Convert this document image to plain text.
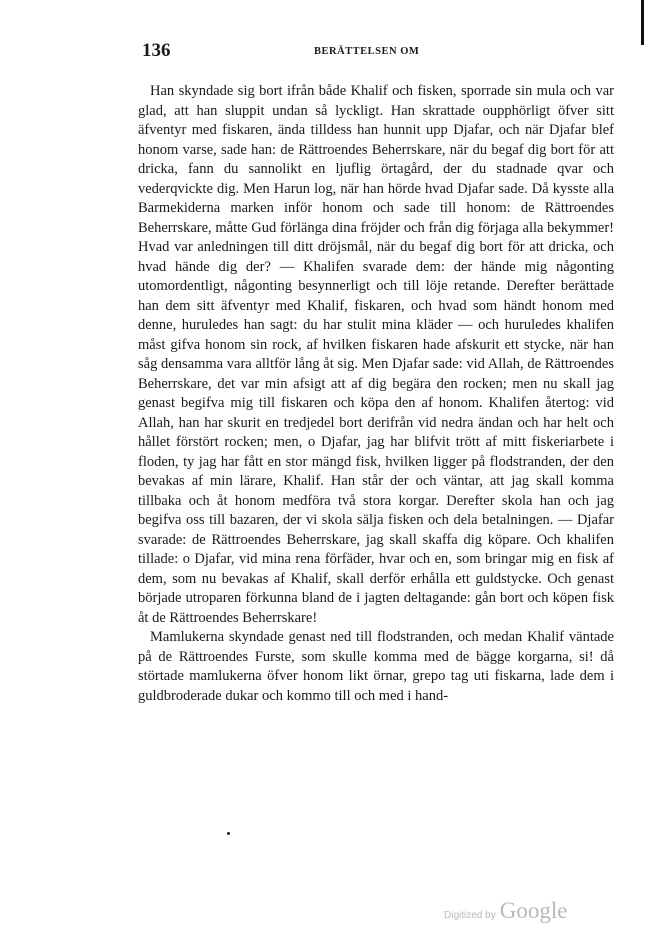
136	BERÄTTELSEN OM

Han skyndade sig bort ifrån både Khalif och fisken, sporrade sin mula och var glad, att han sluppit undan så lyckligt. Han skrattade oupphörligt öfver sitt äfventyr med fiskaren, ända tilldess han hunnit upp Djafar, och när Djafar blef honom varse, sade han: de Rättroendes Beherrskare, när du begaf dig bort för att dricka, fann du sannolikt en ljuflig örtagård, der du stadnade qvar och vederqvickte dig. Men Harun log, när han hörde hvad Djafar sade. Då kysste alla Barmekiderna marken inför honom och sade till honom: de Rättroendes Beherrskare, måtte Gud förlänga dina fröjder och från dig förjaga alla bekymmer! Hvad var anledningen till ditt dröjsmål, när du begaf dig bort för att dricka, och hvad hände dig der? — Khalifen svarade dem: der hände mig någonting utomordentligt, någonting besynnerligt och till löje retande. Derefter berättade han dem sitt äfventyr med Khalif, fiskaren, och hvad som händt honom med denne, huruledes han sagt: du har stulit mina kläder — och huruledes khalifen måst gifva honom sin rock, af hvilken fiskaren hade afskurit ett stycke, när han såg densamma vara alltför lång åt sig. Men Djafar sade: vid Allah, de Rättroendes Beherrskare, det var min afsigt att af dig begära den rocken; men nu skall jag genast begifva mig till fiskaren och köpa den af honom. Khalifen återtog: vid Allah, han har skurit en tredjedel bort derifrån vid nedra ändan och har helt och hållet förstört rocken; men, o Djafar, jag har blifvit trött af mitt fiskeriarbete i floden, ty jag har fått en stor mängd fisk, hvilken ligger på flodstranden, der den bevakas af min lärare, Khalif. Han står der och väntar, att jag skall komma tillbaka och åt honom medföra två stora korgar. Derefter skola han och jag begifva oss till bazaren, der vi skola sälja fisken och dela betalningen. — Djafar svarade: de Rättroendes Beherrskare, jag skall skaffa dig köpare. Och khalifen tillade: o Djafar, vid mina rena förfäder, hvar och en, som bringar mig en fisk af dem, som nu bevakas af Khalif, skall derför erhålla ett guldstycke. Och genast började utroparen förkunna bland de i jagten deltagande: gån bort och köpen fisk åt de Rättroendes Beherrskare!

Mamlukerna skyndade genast ned till flodstranden, och medan Khalif väntade på de Rättroendes Furste, som skulle komma med de bägge korgarna, si! då störtade mamlukerna öfver honom likt örnar, grepo tag uti fiskarna, lade dem i guldbroderade dukar och kommo till och med i hand-

Digitized by Google
